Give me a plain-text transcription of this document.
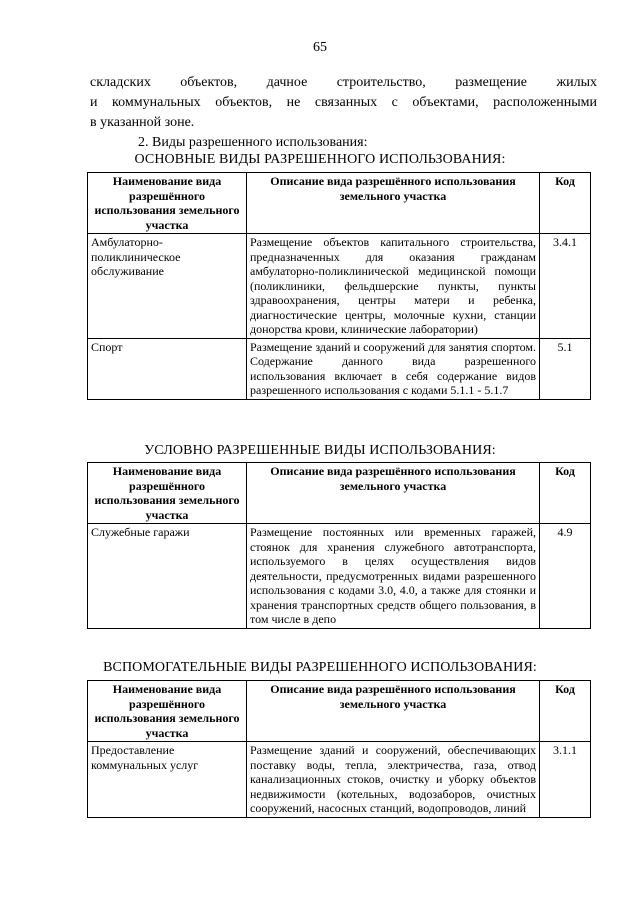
65
складских объектов, дачное строительство, размещение жилых
и коммунальных объектов, не связанных с объектами, расположенными
в указанной зоне.
2. Виды разрешенного использования:
ОСНОВНЫЕ ВИДЫ РАЗРЕШЕННОГО ИСПОЛЬЗОВАНИЯ:
Наименование вида разрешённого использования земельного участка	Описание вида разрешённого использования земельного участка	Код
Амбулаторно-поликлиническое обслуживание	Размещение объектов капитального строительства, предназначенных для оказания гражданам амбулаторно-поликлинической медицинской помощи (поликлиники, фельдшерские пункты, пункты здравоохранения, центры матери и ребенка, диагностические центры, молочные кухни, станции донорства крови, клинические лаборатории)	3.4.1
Спорт	Размещение зданий и сооружений для занятия спортом. Содержание данного вида разрешенного использования включает в себя содержание видов разрешенного использования с кодами 5.1.1 - 5.1.7	5.1
УСЛОВНО РАЗРЕШЕННЫЕ ВИДЫ ИСПОЛЬЗОВАНИЯ:
Наименование вида разрешённого использования земельного участка	Описание вида разрешённого использования земельного участка	Код
Служебные гаражи	Размещение постоянных или временных гаражей, стоянок для хранения служебного автотранспорта, используемого в целях осуществления видов деятельности, предусмотренных видами разрешенного использования с кодами 3.0, 4.0, а также для стоянки и хранения транспортных средств общего пользования, в том числе в депо	4.9
ВСПОМОГАТЕЛЬНЫЕ ВИДЫ РАЗРЕШЕННОГО ИСПОЛЬЗОВАНИЯ:
Наименование вида разрешённого использования земельного участка	Описание вида разрешённого использования земельного участка	Код
Предоставление коммунальных услуг	Размещение зданий и сооружений, обеспечивающих поставку воды, тепла, электричества, газа, отвод канализационных стоков, очистку и уборку объектов недвижимости (котельных, водозаборов, очистных сооружений, насосных станций, водопроводов, линий	3.1.1
